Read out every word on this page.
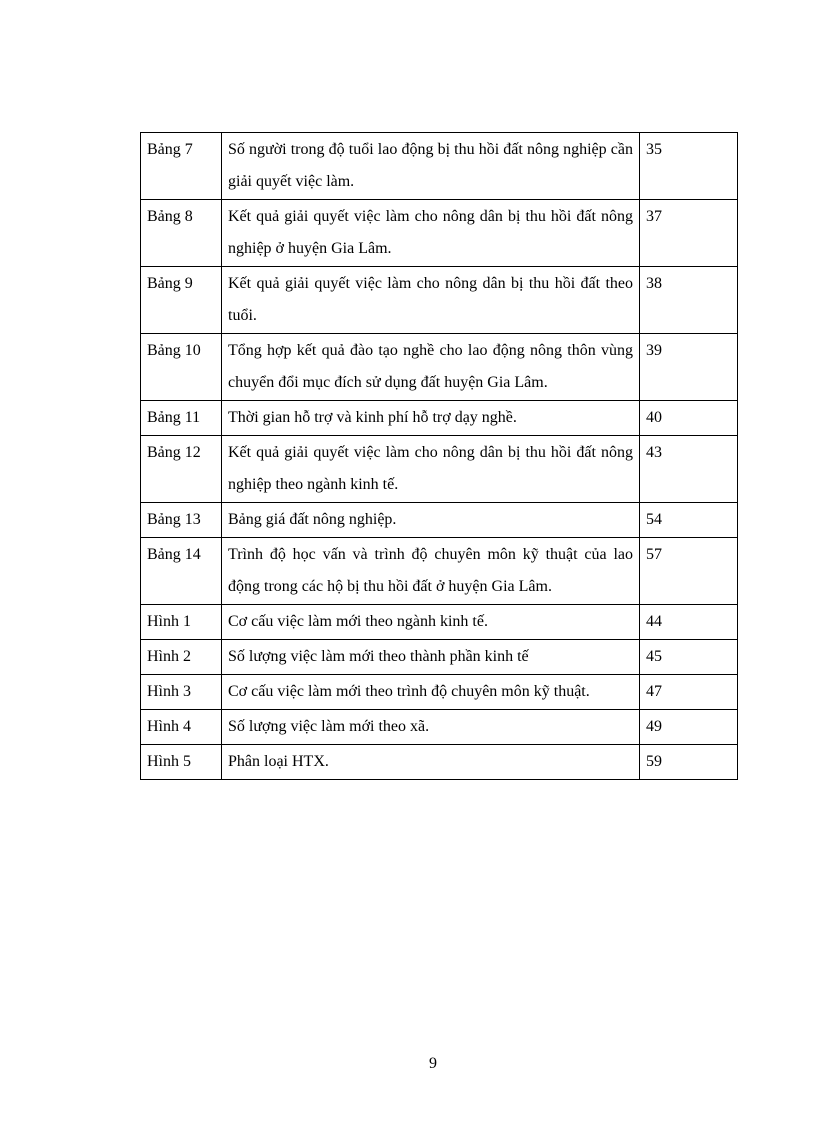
Bảng 7	Số người trong độ tuổi lao động bị thu hồi đất nông nghiệp cần giải quyết việc làm.	35

Bảng 8	Kết quả giải quyết việc làm cho nông dân bị thu hồi đất nông nghiệp ở huyện Gia Lâm.	37

Bảng 9	Kết quả giải quyết việc làm cho nông dân bị thu hồi đất theo tuổi.	38

Bảng 10	Tổng hợp kết quả đào tạo nghề cho lao động nông thôn vùng chuyển đổi mục đích sử dụng đất huyện Gia Lâm.	39

Bảng 11	Thời gian hỗ trợ và kinh phí hỗ trợ dạy nghề.	40

Bảng 12	Kết quả giải quyết việc làm cho nông dân bị thu hồi đất nông nghiệp theo ngành kinh tế.	43

Bảng 13	Bảng giá đất nông nghiệp.	54

Bảng 14	Trình độ học vấn và trình độ chuyên môn kỹ thuật của lao động trong các hộ bị thu hồi đất ở huyện Gia Lâm.	57

Hình 1	Cơ cấu việc làm mới theo ngành kinh tế.	44

Hình 2	Số lượng việc làm mới theo thành phần kinh tế	45

Hình 3	Cơ cấu việc làm mới theo trình độ chuyên môn kỹ thuật.	47

Hình 4	Số lượng việc làm mới theo xã.	49

Hình 5	Phân loại HTX.	59
9
